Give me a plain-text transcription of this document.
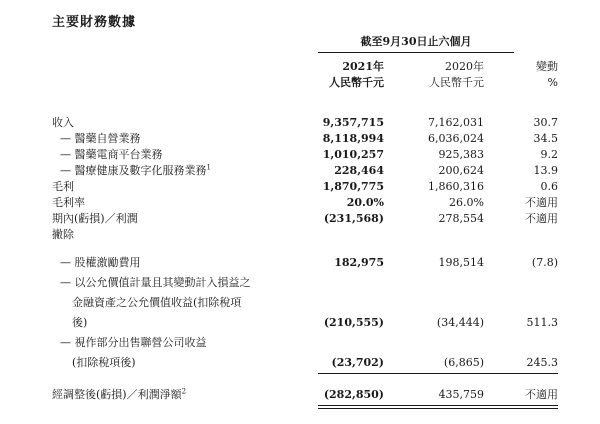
主要財務數據
截至9月30日止六個月
2021年	2020年	變動
人民幣千元	人民幣千元	%
收入	9,357,715	7,162,031	30.7
— 醫藥自營業務	8,118,994	6,036,024	34.5
— 醫藥電商平台業務	1,010,257	925,383	9.2
— 醫療健康及數字化服務業務$^1$	228,464	200,624	13.9
毛利	1,870,775	1,860,316	0.6
毛利率	20.0%	26.0%	不適用
期內(虧損)／利潤	(231,568)	278,554	不適用
撇除
— 股權激勵費用	182,975	198,514	(7.8)
— 以公允價值計量且其變動計入損益之
金融資產之公允價值收益(扣除稅項
後)	(210,555)	(34,444)	511.3
— 視作部分出售聯營公司收益
(扣除稅項後)	(23,702)	(6,865)	245.3
經調整後(虧損)／利潤淨額$^2$	(282,850)	435,759	不適用
